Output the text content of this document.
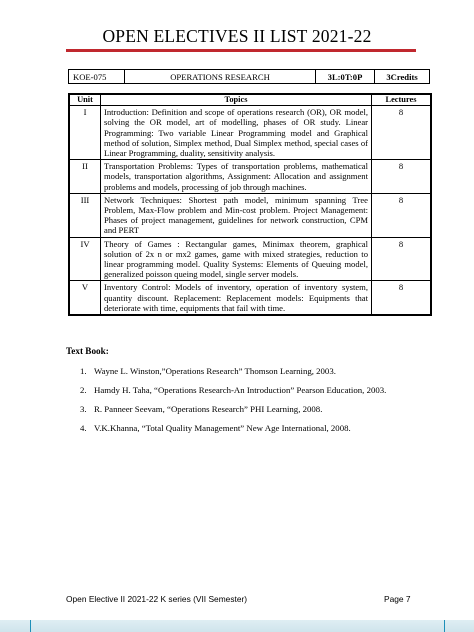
OPEN ELECTIVES II LIST 2021-22
KOE-075	OPERATIONS RESEARCH	3L:0T:0P	3Credits
Unit	Topics	Lectures
I	Introduction: Definition and scope of operations research (OR), OR model, solving the OR model, art of modelling, phases of OR study. Linear Programming: Two variable Linear Programming model and Graphical method of solution, Simplex method, Dual Simplex method, special cases of Linear Programming, duality, sensitivity analysis.	8
II	Transportation Problems: Types of transportation problems, mathematical models, transportation algorithms, Assignment: Allocation and assignment problems and models, processing of job through machines.	8
III	Network Techniques: Shortest path model, minimum spanning Tree Problem, Max-Flow problem and Min-cost problem. Project Management: Phases of project management, guidelines for network construction, CPM and PERT	8
IV	Theory of Games : Rectangular games, Minimax theorem, graphical solution of 2x n or mx2 games, game with mixed strategies, reduction to linear programming model. Quality Systems: Elements of Queuing model, generalized poisson queing model, single server models.	8
V	Inventory Control: Models of inventory, operation of inventory system, quantity discount. Replacement: Replacement models: Equipments that deteriorate with time, equipments that fail with time.	8
Text Book:
1. Wayne L. Winston,”Operations Research” Thomson Learning, 2003.
2. Hamdy H. Taha, “Operations Research-An Introduction” Pearson Education, 2003.
3. R. Panneer Seevam, “Operations Research” PHI Learning, 2008.
4. V.K.Khanna, “Total Quality Management” New Age International, 2008.
Open Elective II 2021-22 K series (VII Semester)	Page 7
